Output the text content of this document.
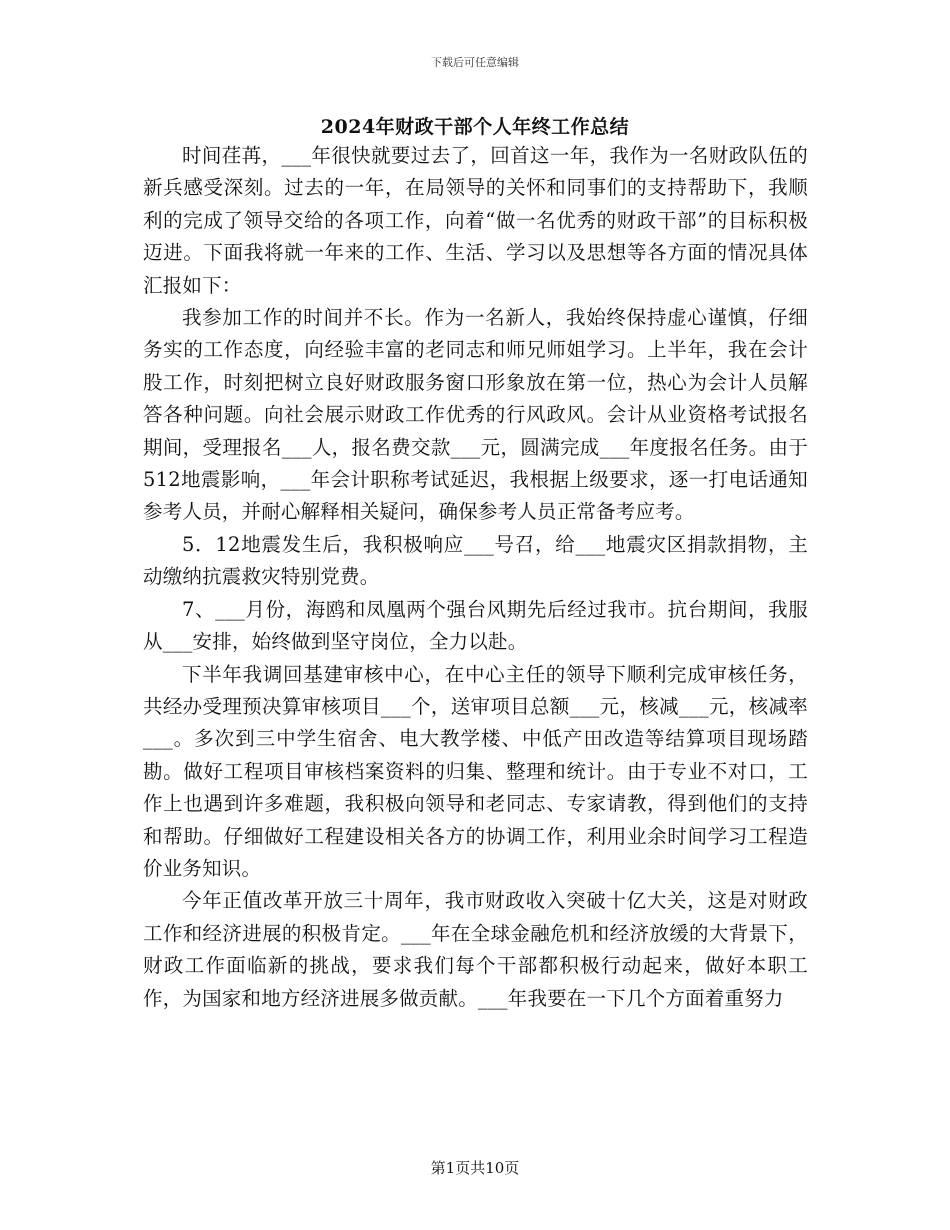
下载后可任意编辑
2024年财政干部个人年终工作总结

时间荏苒，___年很快就要过去了，回首这一年，我作为一名财政队伍的新兵感受深刻。过去的一年，在局领导的关怀和同事们的支持帮助下，我顺利的完成了领导交给的各项工作，向着“做一名优秀的财政干部”的目标积极迈进。下面我将就一年来的工作、生活、学习以及思想等各方面的情况具体汇报如下：

我参加工作的时间并不长。作为一名新人，我始终保持虚心谨慎，仔细务实的工作态度，向经验丰富的老同志和师兄师姐学习。上半年，我在会计股工作，时刻把树立良好财政服务窗口形象放在第一位，热心为会计人员解答各种问题。向社会展示财政工作优秀的行风政风。会计从业资格考试报名期间，受理报名___人，报名费交款___元，圆满完成___年度报名任务。由于512地震影响，___年会计职称考试延迟，我根据上级要求，逐一打电话通知参考人员，并耐心解释相关疑问，确保参考人员正常备考应考。

5．12地震发生后，我积极响应___号召，给___地震灾区捐款捐物，主动缴纳抗震救灾特别党费。

7、___月份，海鸥和凤凰两个强台风期先后经过我市。抗台期间，我服从___安排，始终做到坚守岗位，全力以赴。

下半年我调回基建审核中心，在中心主任的领导下顺利完成审核任务，共经办受理预决算审核项目___个，送审项目总额___元，核减___元，核减率___。多次到三中学生宿舍、电大教学楼、中低产田改造等结算项目现场踏勘。做好工程项目审核档案资料的归集、整理和统计。由于专业不对口，工作上也遇到许多难题，我积极向领导和老同志、专家请教，得到他们的支持和帮助。仔细做好工程建设相关各方的协调工作，利用业余时间学习工程造价业务知识。

今年正值改革开放三十周年，我市财政收入突破十亿大关，这是对财政工作和经济进展的积极肯定。___年在全球金融危机和经济放缓的大背景下，财政工作面临新的挑战，要求我们每个干部都积极行动起来，做好本职工作，为国家和地方经济进展多做贡献。___年我要在一下几个方面着重努力

第1页共10页
